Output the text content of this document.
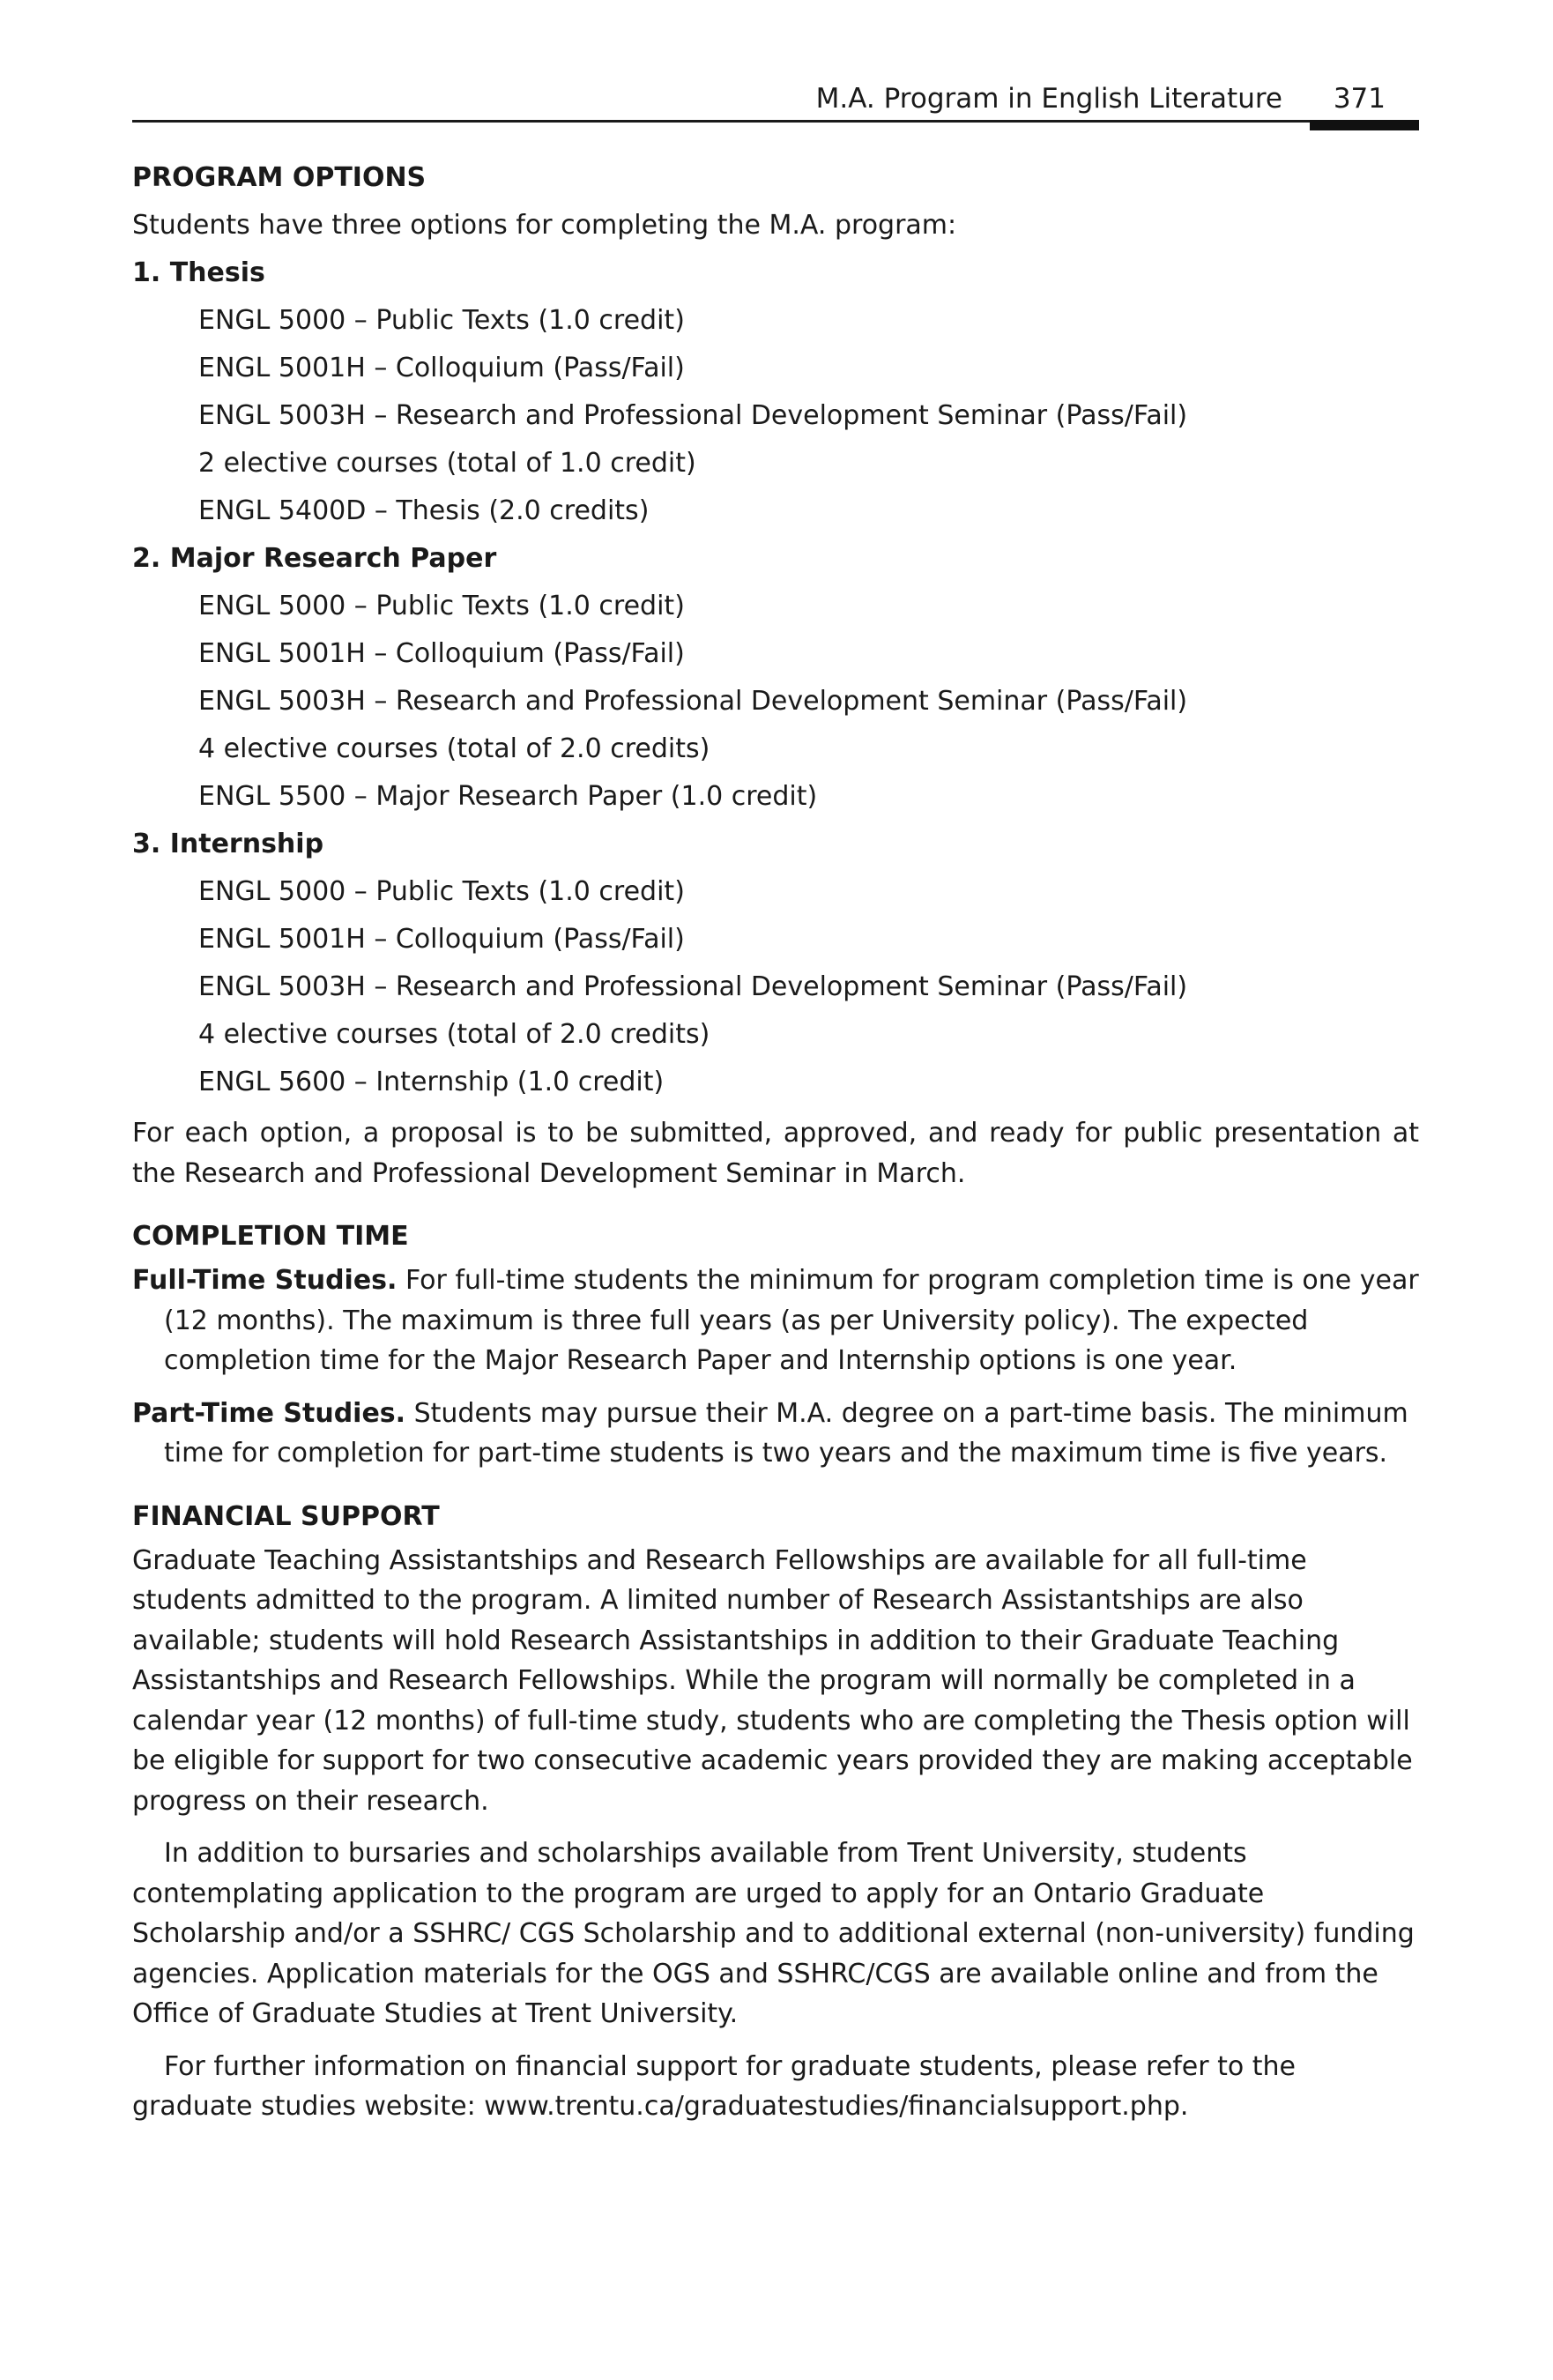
M.A. Program in English Literature 371
PROGRAM OPTIONS

Students have three options for completing the M.A. program:

1. Thesis

ENGL 5000 – Public Texts (1.0 credit)

ENGL 5001H – Colloquium (Pass/Fail)

ENGL 5003H – Research and Professional Development Seminar (Pass/Fail)

2 elective courses (total of 1.0 credit)

ENGL 5400D – Thesis (2.0 credits)

2. Major Research Paper

ENGL 5000 – Public Texts (1.0 credit)

ENGL 5001H – Colloquium (Pass/Fail)

ENGL 5003H – Research and Professional Development Seminar (Pass/Fail)

4 elective courses (total of 2.0 credits)

ENGL 5500 – Major Research Paper (1.0 credit)

3. Internship

ENGL 5000 – Public Texts (1.0 credit)

ENGL 5001H – Colloquium (Pass/Fail)

ENGL 5003H – Research and Professional Development Seminar (Pass/Fail)

4 elective courses (total of 2.0 credits)

ENGL 5600 – Internship (1.0 credit)

For each option, a proposal is to be submitted, approved, and ready for public presentation at the Research and Professional Development Seminar in March.

COMPLETION TIME

Full-Time Studies. For full-time students the minimum for program completion time is one year (12 months). The maximum is three full years (as per University policy). The expected completion time for the Major Research Paper and Internship options is one year.

Part-Time Studies. Students may pursue their M.A. degree on a part-time basis. The minimum time for completion for part-time students is two years and the maximum time is five years.

FINANCIAL SUPPORT

Graduate Teaching Assistantships and Research Fellowships are available for all full-time students admitted to the program. A limited number of Research Assistantships are also available; students will hold Research Assistantships in addition to their Graduate Teaching Assistantships and Research Fellowships. While the program will normally be completed in a calendar year (12 months) of full-time study, students who are completing the Thesis option will be eligible for support for two consecutive academic years provided they are making acceptable progress on their research.

In addition to bursaries and scholarships available from Trent University, students contemplating application to the program are urged to apply for an Ontario Graduate Scholarship and/or a SSHRC/ CGS Scholarship and to additional external (non-university) funding agencies. Application materials for the OGS and SSHRC/CGS are available online and from the Office of Graduate Studies at Trent University.

For further information on financial support for graduate students, please refer to the graduate studies website: www.trentu.ca/graduatestudies/financialsupport.php.
